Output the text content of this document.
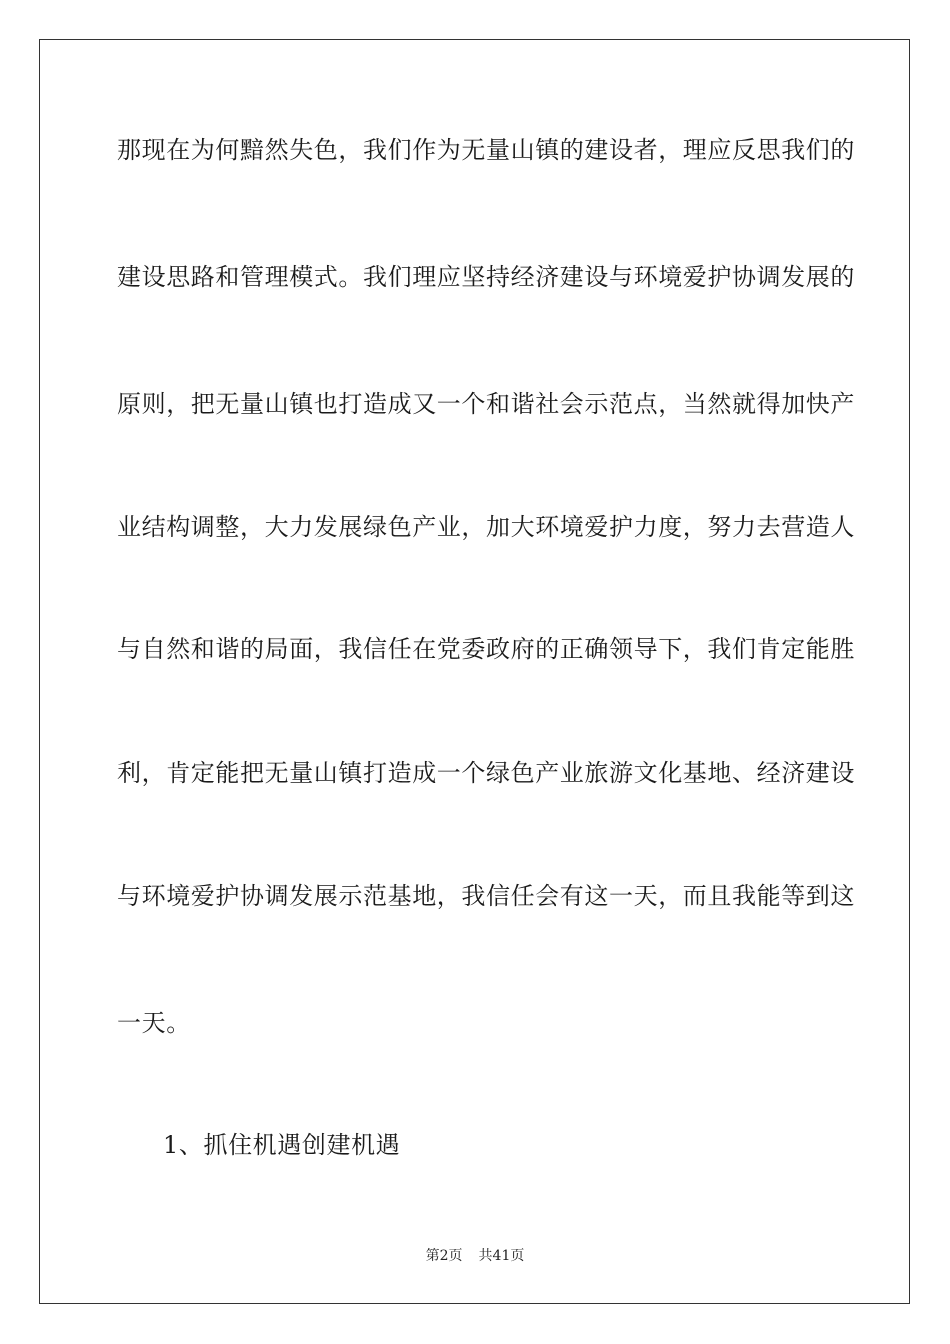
那现在为何黯然失色，我们作为无量山镇的建设者，理应反思我们的
建设思路和管理模式。我们理应坚持经济建设与环境爱护协调发展的
原则，把无量山镇也打造成又一个和谐社会示范点，当然就得加快产
业结构调整，大力发展绿色产业，加大环境爱护力度，努力去营造人
与自然和谐的局面，我信任在党委政府的正确领导下，我们肯定能胜
利，肯定能把无量山镇打造成一个绿色产业旅游文化基地、经济建设
与环境爱护协调发展示范基地，我信任会有这一天，而且我能等到这
一天。
1、抓住机遇创建机遇
第2页 共41页
